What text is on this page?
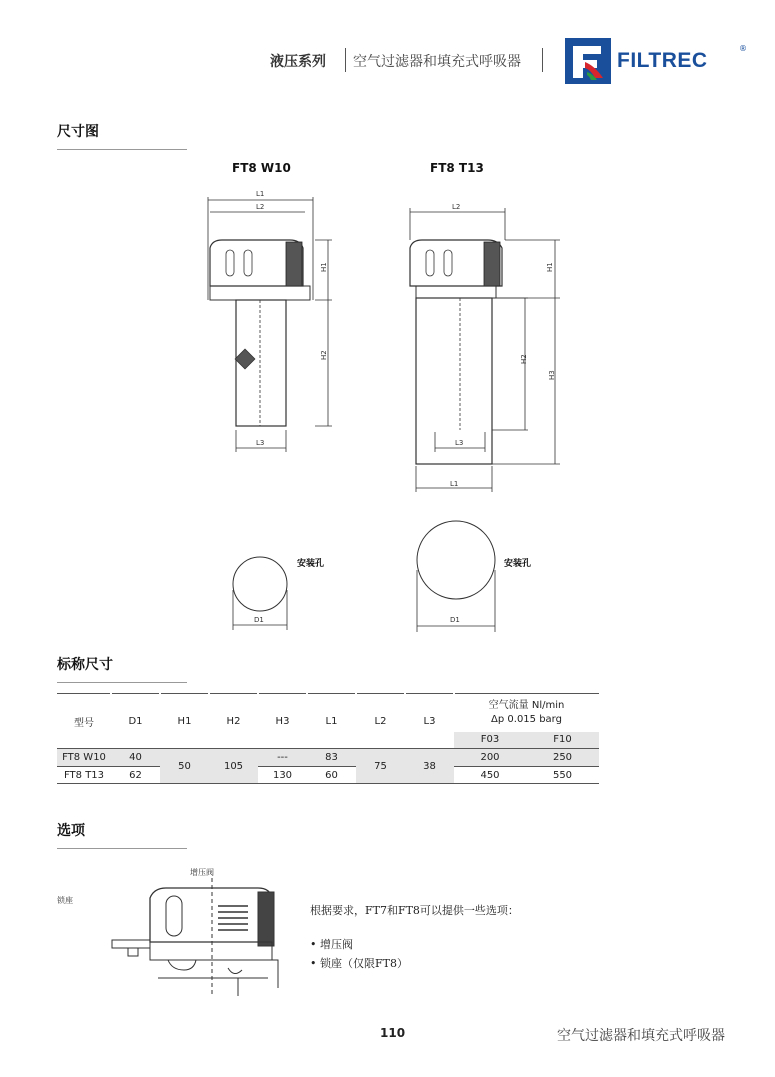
液压系列 空气过滤器和填充式呼吸器	FILTREC
®
尺寸图
FT8 W10	FT8 T13
L1
L2
H1
H2
L3
L2
H1
H2
H3
L3
L1
D1	D1
安装孔	安装孔
标称尺寸
型号	D1	H1	H2	H3	L1	L2	L3	空气流量 Nl/min
Δp 0.015 barg	

								F03	F10
FT8 W10	40	50	105	---	83	75	38	200	250
FT8 T13	62			130	60			450	550
选项
增压阀
锁座
根据要求，FT7和FT8可以提供一些选项：
• 增压阀
• 锁座（仅限FT8）
110	空气过滤器和填充式呼吸器
